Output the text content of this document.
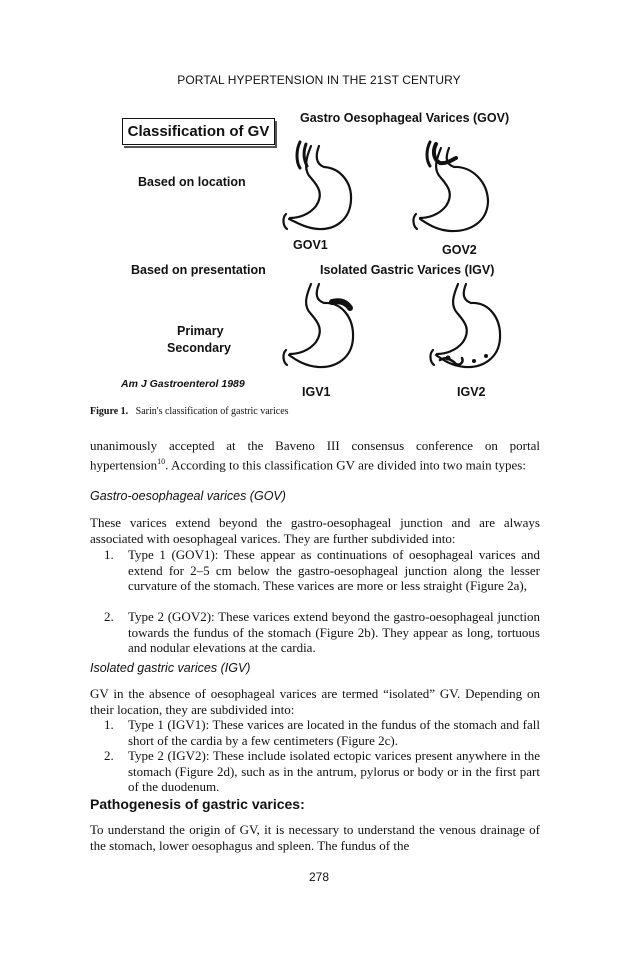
PORTAL HYPERTENSION IN THE 21ST CENTURY
Classification of GV
Gastro Oesophageal Varices (GOV)
Based on location
Based on presentation	Isolated Gastric Varices (IGV)
Primary
Secondary
Am J Gastroenterol 1989
GOV1	GOV2
IGV1	IGV2
Figure 1. Sarin's classification of gastric varices
unanimously accepted at the Baveno III consensus conference on portal hypertension$^{10}$. According to this classification GV are divided into two main types:
Gastro-oesophageal varices (GOV)
These varices extend beyond the gastro-oesophageal junction and are always associated with oesophageal varices. They are further subdivided into:
1. Type 1 (GOV1): These appear as continuations of oesophageal varices and extend for 2–5 cm below the gastro-oesophageal junction along the lesser curvature of the stomach. These varices are more or less straight (Figure 2a),
2. Type 2 (GOV2): These varices extend beyond the gastro-oesophageal junction towards the fundus of the stomach (Figure 2b). They appear as long, tortuous and nodular elevations at the cardia.
Isolated gastric varices (IGV)
GV in the absence of oesophageal varices are termed “isolated” GV. Depending on their location, they are subdivided into:
1. Type 1 (IGV1): These varices are located in the fundus of the stomach and fall short of the cardia by a few centimeters (Figure 2c).
2. Type 2 (IGV2): These include isolated ectopic varices present anywhere in the stomach (Figure 2d), such as in the antrum, pylorus or body or in the first part of the duodenum.
Pathogenesis of gastric varices:
To understand the origin of GV, it is necessary to understand the venous drainage of the stomach, lower oesophagus and spleen. The fundus of the
278
